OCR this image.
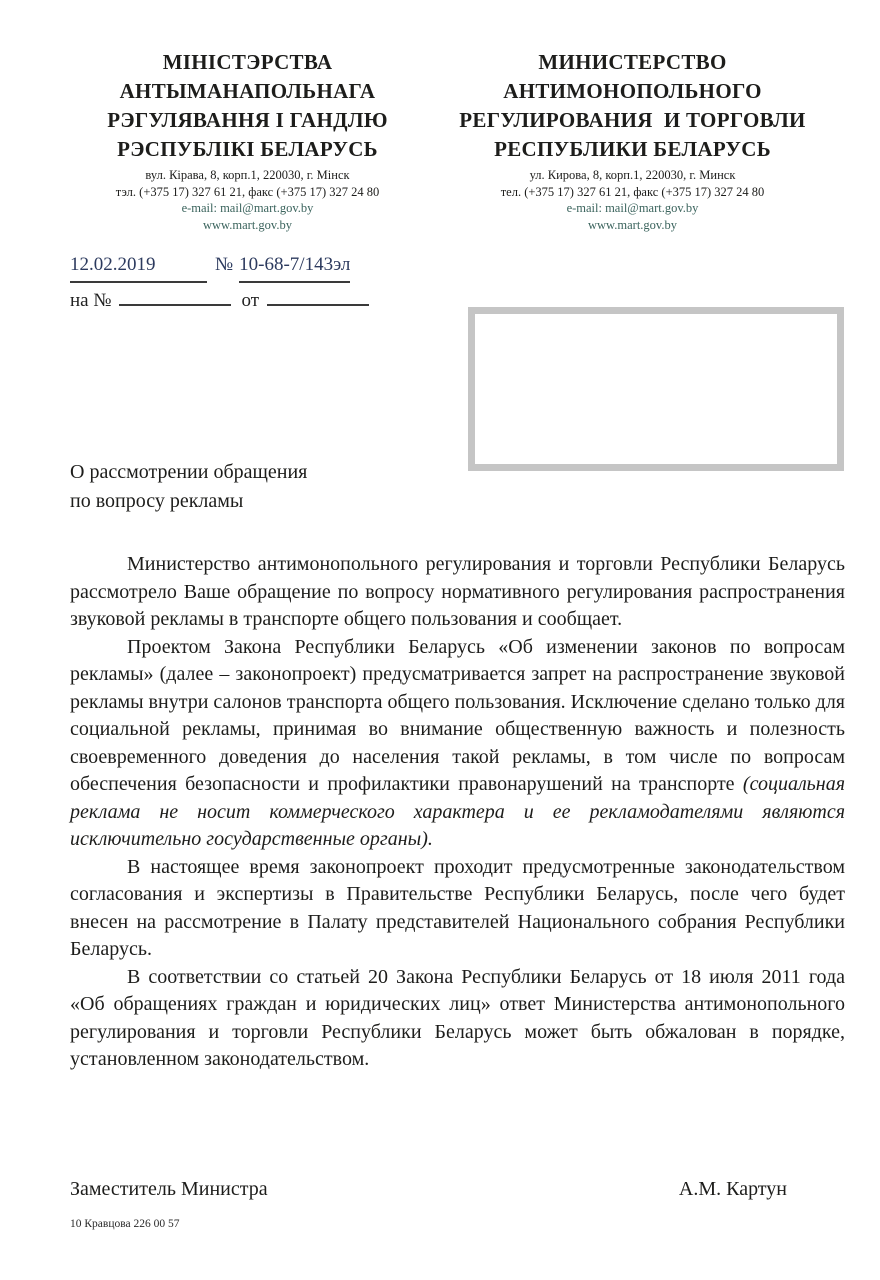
МІНІСТЭРСТВА
АНТЫМАНАПОЛЬНАГА
РЭГУЛЯВАННЯ І ГАНДЛЮ
РЭСПУБЛІКІ БЕЛАРУСЬ
вул. Кірава, 8, корп.1, 220030, г. Мінск
тэл. (+375 17) 327 61 21, факс (+375 17) 327 24 80
e-mail: mail@mart.gov.by
www.mart.gov.by
МИНИСТЕРСТВО
АНТИМОНОПОЛЬНОГО
РЕГУЛИРОВАНИЯ  И ТОРГОВЛИ
РЕСПУБЛИКИ БЕЛАРУСЬ
ул. Кирова, 8, корп.1, 220030, г. Минск
тел. (+375 17) 327 61 21, факс (+375 17) 327 24 80
e-mail: mail@mart.gov.by
www.mart.gov.by
12.02.2019	№ 10-68-7/143эл
на №	от
О рассмотрении обращения
по вопросу рекламы

Министерство антимонопольного регулирования и торговли Республики Беларусь рассмотрело Ваше обращение по вопросу нормативного регулирования распространения звуковой рекламы в транспорте общего пользования и сообщает.

Проектом Закона Республики Беларусь «Об изменении законов по вопросам рекламы» (далее – законопроект) предусматривается запрет на распространение звуковой рекламы внутри салонов транспорта общего пользования. Исключение сделано только для социальной рекламы, принимая во внимание общественную важность и полезность своевременного доведения до населения такой рекламы, в том числе по вопросам обеспечения безопасности и профилактики правонарушений на транспорте (социальная реклама не носит коммерческого характера и ее рекламодателями являются исключительно государственные органы).

В настоящее время законопроект проходит предусмотренные законодательством согласования и экспертизы в Правительстве Республики Беларусь, после чего будет внесен на рассмотрение в Палату представителей Национального собрания Республики Беларусь.

В соответствии со статьей 20 Закона Республики Беларусь от 18 июля 2011 года «Об обращениях граждан и юридических лиц» ответ Министерства антимонопольного регулирования и торговли Республики Беларусь может быть обжалован в порядке, установленном законодательством.

Заместитель Министра	А.М. Картун
10 Кравцова 226 00 57
